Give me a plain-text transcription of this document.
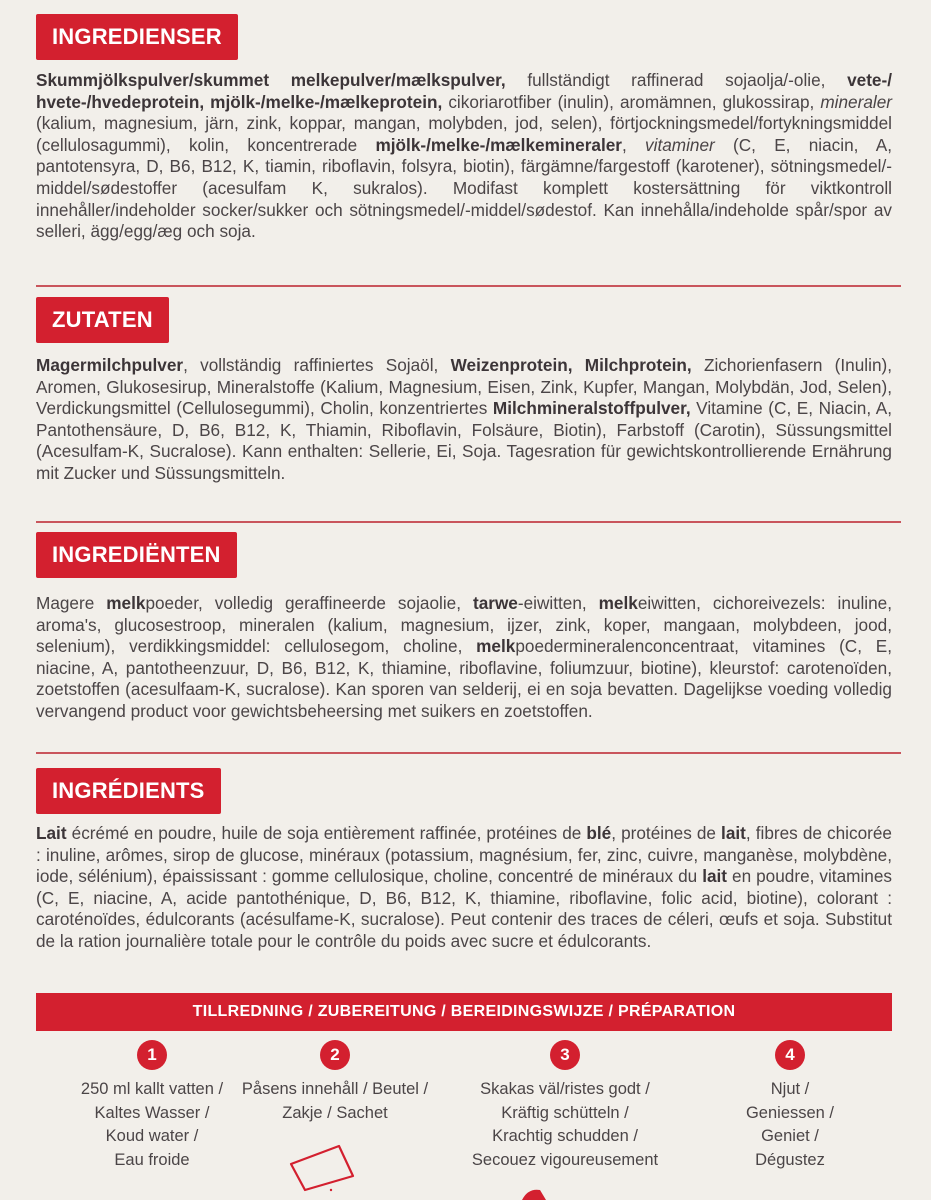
INGREDIENSER
Skummjölkspulver/skummet melkepulver/mælkspulver, fullständigt raffinerad sojaolja/-olie, vete-/ hvete-/hvedeprotein, mjölk-/melke-/mælkeprotein, cikoriarotfiber (inulin), aromämnen, glukossirap, mineraler (kalium, magnesium, järn, zink, koppar, mangan, molybden, jod, selen), förtjockningsmedel/fortykningsmiddel (cellulosagummi), kolin, koncentrerade mjölk-/melke-/mælkemineraler, vitaminer (C, E, niacin, A, pantotensyra, D, B6, B12, K, tiamin, riboflavin, folsyra, biotin), färgämne/fargestoff (karotener), sötningsmedel/-middel/sødestoffer (acesulfam K, sukralos). Modifast komplett kostersättning för viktkontroll innehåller/indeholder socker/sukker och sötningsmedel/-middel/sødestof. Kan innehålla/indeholde spår/spor av selleri, ägg/egg/æg och soja.
ZUTATEN
Magermilchpulver, vollständig raffiniertes Sojaöl, Weizenprotein, Milchprotein, Zichorienfasern (Inulin), Aromen, Glukosesirup, Mineralstoffe (Kalium, Magnesium, Eisen, Zink, Kupfer, Mangan, Molybdän, Jod, Selen), Verdickungsmittel (Cellulosegummi), Cholin, konzentriertes Milchmineralstoffpulver, Vitamine (C, E, Niacin, A, Pantothensäure, D, B6, B12, K, Thiamin, Riboflavin, Folsäure, Biotin), Farbstoff (Carotin), Süssungsmittel (Acesulfam-K, Sucralose). Kann enthalten: Sellerie, Ei, Soja. Tagesration für gewichtskontrollierende Ernährung mit Zucker und Süssungsmitteln.
INGREDIËNTEN
Magere melkpoeder, volledig geraffineerde sojaolie, tarwe-eiwitten, melkeiwitten, cichoreivezels: inuline, aroma's, glucosestroop, mineralen (kalium, magnesium, ijzer, zink, koper, mangaan, molybdeen, jood, selenium), verdikkingsmiddel: cellulosegom, choline, melkpoedermineralenconcentraat, vitamines (C, E, niacine, A, pantotheenzuur, D, B6, B12, K, thiamine, riboflavine, foliumzuur, biotine), kleurstof: carotenoïden, zoetstoffen (acesulfaam-K, sucralose). Kan sporen van selderij, ei en soja bevatten. Dagelijkse voeding volledig vervangend product voor gewichtsbeheersing met suikers en zoetstoffen.
INGRÉDIENTS
Lait écrémé en poudre, huile de soja entièrement raffinée, protéines de blé, protéines de lait, fibres de chicorée : inuline, arômes, sirop de glucose, minéraux (potassium, magnésium, fer, zinc, cuivre, manganèse, molybdène, iode, sélénium), épaississant : gomme cellulosique, choline, concentré de minéraux du lait en poudre, vitamines (C, E, niacine, A, acide pantothénique, D, B6, B12, K, thiamine, riboflavine, folic acid, biotine), colorant : caroténoïdes, édulcorants (acésulfame-K, sucralose). Peut contenir des traces de céleri, œufs et soja. Substitut de la ration journalière totale pour le contrôle du poids avec sucre et édulcorants.
TILLREDNING / ZUBEREITUNG / BEREIDINGSWIJZE / PRÉPARATION
1
250 ml kallt vatten /
Kaltes Wasser /
Koud water /
Eau froide
2
Påsens innehåll / Beutel /
Zakje / Sachet
3
Skakas väl/ristes godt /
Kräftig schütteln /
Krachtig schudden /
Secouez vigoureusement
4
Njut /
Geniessen /
Geniet /
Dégustez
